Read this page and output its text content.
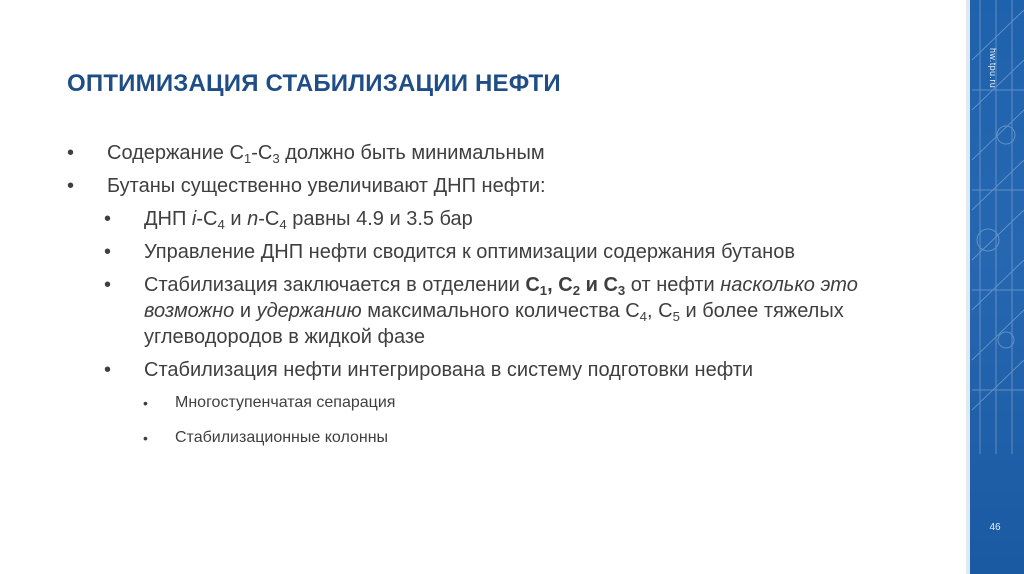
ОПТИМИЗАЦИЯ СТАБИЛИЗАЦИИ НЕФТИ
• Содержание $C_1-C_3$ должно быть минимальным
• Бутаны существенно увеличивают ДНП нефти:
• ДНП $i-C_4$ и $n-C_4$ равны 4.9 и 3.5 бар
• Управление ДНП нефти сводится к оптимизации содержания бутанов
• Стабилизация заключается в отделении $C_1$, $C_2$ и $C_3$ от нефти насколько это возможно и удержанию максимального количества $C_4$, $C_5$ и более тяжелых углеводородов в жидкой фазе
• Стабилизация нефти интегрирована в систему подготовки нефти
• Многоступенчатая сепарация
• Стабилизационные колонны
hw.tpu.ru
46
